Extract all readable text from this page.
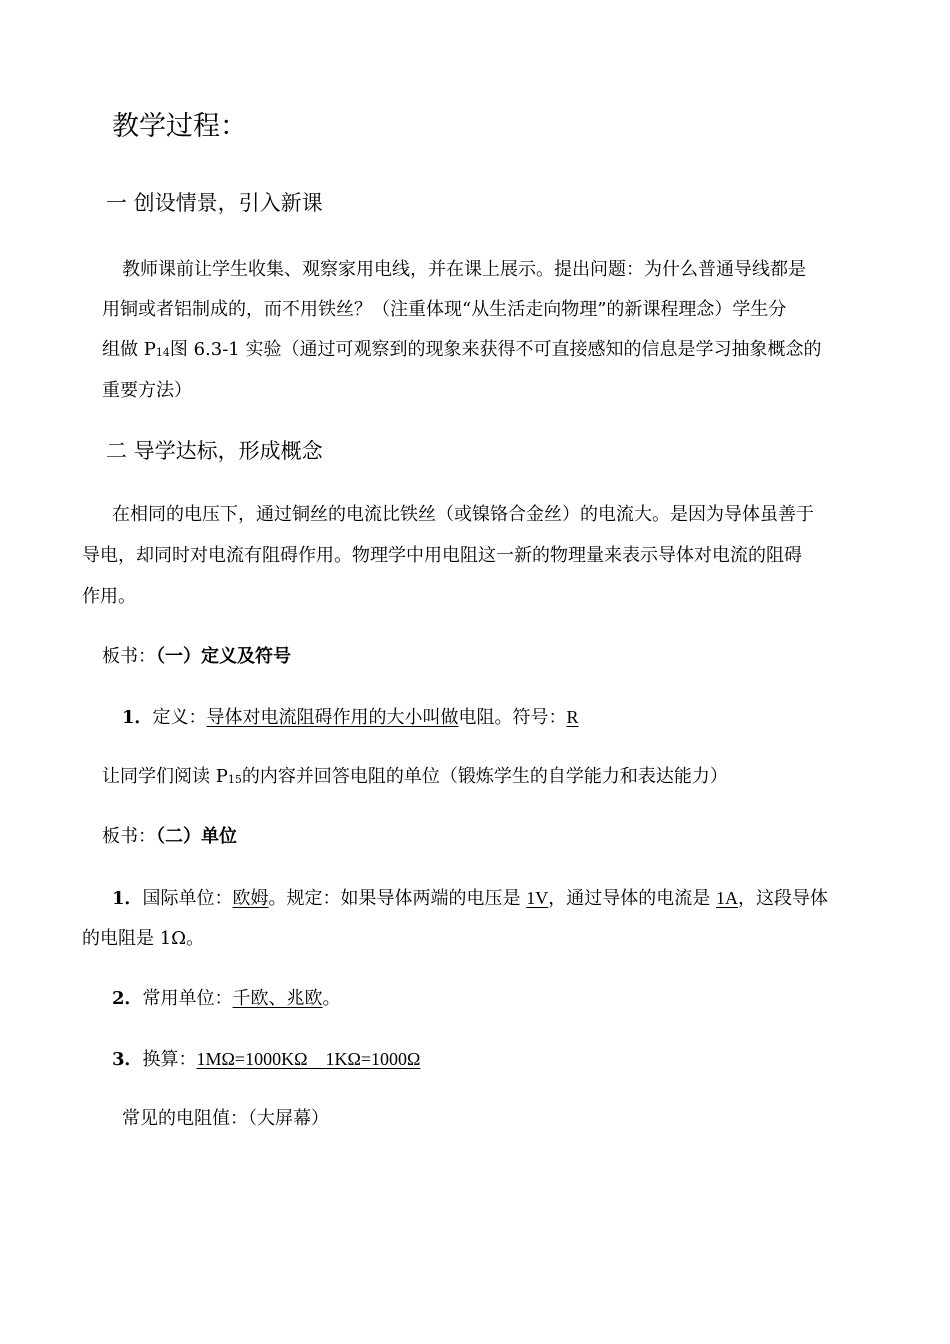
教学过程：
一 创设情景，引入新课
教师课前让学生收集、观察家用电线，并在课上展示。提出问题：为什么普通导线都是
用铜或者铝制成的，而不用铁丝？（注重体现“从生活走向物理”的新课程理念）学生分
组做 $P_{14}$图 6.3-1 实验（通过可观察到的现象来获得不可直接感知的信息是学习抽象概念的
重要方法）
二 导学达标，形成概念
在相同的电压下，通过铜丝的电流比铁丝（或镍铬合金丝）的电流大。是因为导体虽善于
导电，却同时对电流有阻碍作用。物理学中用电阻这一新的物理量来表示导体对电流的阻碍
作用。
板书：（一）定义及符号
1．定义：导体对电流阻碍作用的大小叫做电阻。符号：R
让同学们阅读 $P_{15}$的内容并回答电阻的单位（锻炼学生的自学能力和表达能力）
板书：（二）单位
1．国际单位：欧姆。规定：如果导体两端的电压是 1V，通过导体的电流是 1A，这段导体
的电阻是 1Ω。
2．常用单位：千欧、兆欧。
3．换算：1MΩ=1000KΩ    1KΩ=1000Ω
常见的电阻值：（大屏幕）
